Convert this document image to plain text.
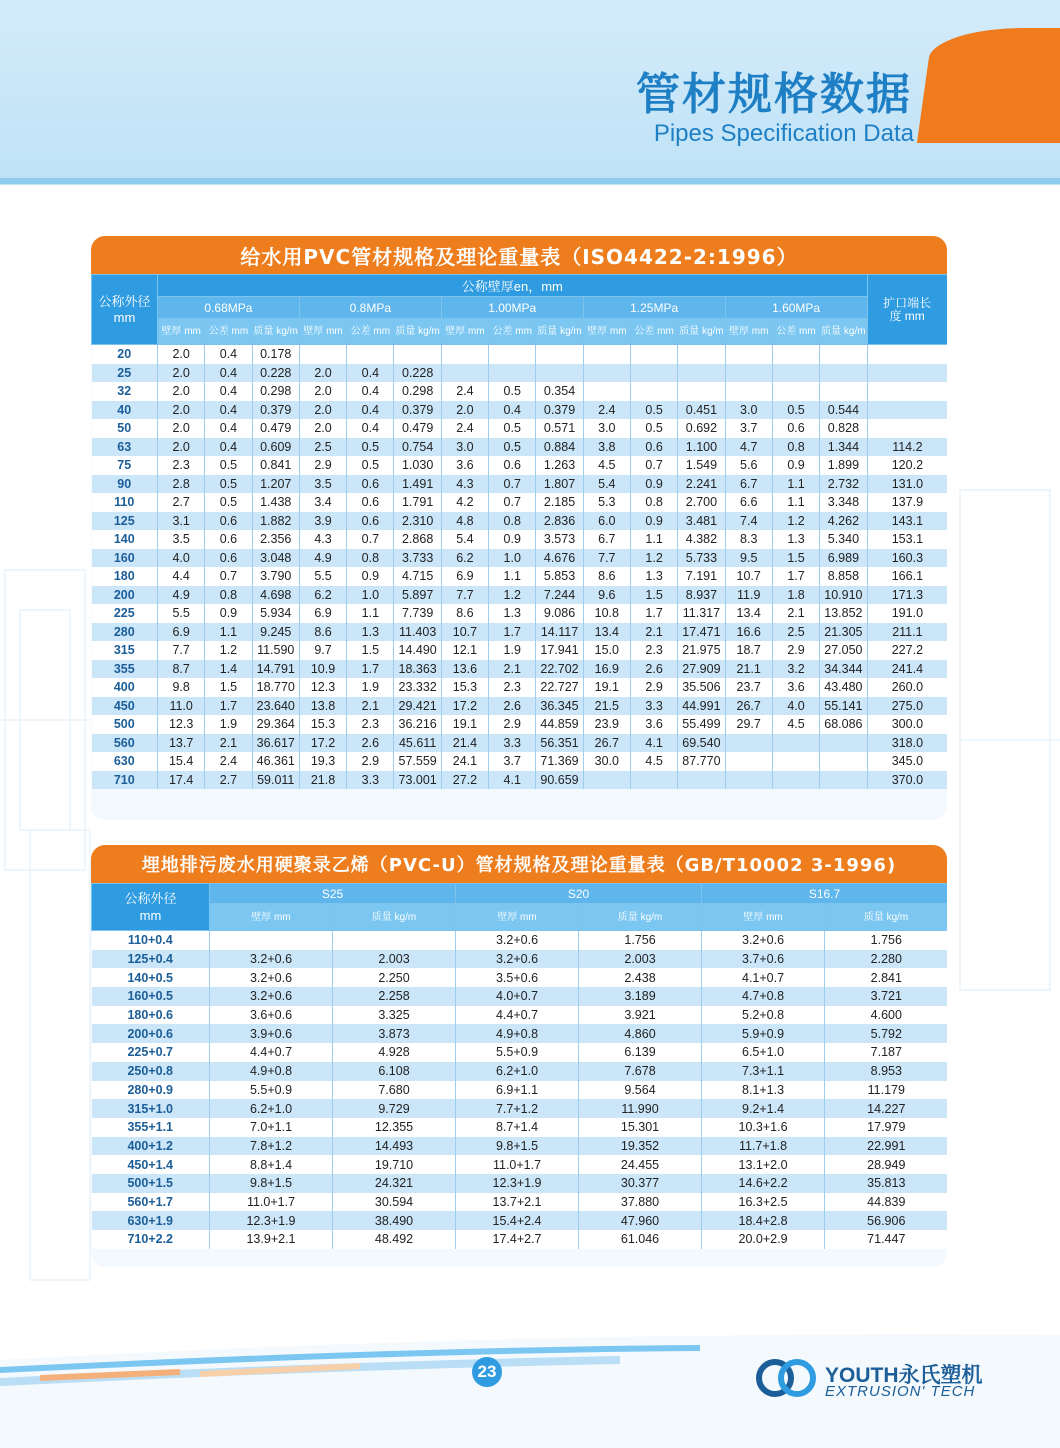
管材规格数据
Pipes Specification Data
给水用PVC管材规格及理论重量表（ISO4422-2:1996）
公称外径 mm	公称壁厚en，mm															扩口端长度 mm
	0.68MPa			0.8MPa			1.00MPa			1.25MPa			1.60MPa			
	壁厚 mm	公差 mm	质量 kg/m	壁厚 mm	公差 mm	质量 kg/m	壁厚 mm	公差 mm	质量 kg/m	壁厚 mm	公差 mm	质量 kg/m	壁厚 mm	公差 mm	质量 kg/m	
20	2.0	0.4	0.178													
25	2.0	0.4	0.228	2.0	0.4	0.228										
32	2.0	0.4	0.298	2.0	0.4	0.298	2.4	0.5	0.354							
40	2.0	0.4	0.379	2.0	0.4	0.379	2.0	0.4	0.379	2.4	0.5	0.451	3.0	0.5	0.544	
50	2.0	0.4	0.479	2.0	0.4	0.479	2.4	0.5	0.571	3.0	0.5	0.692	3.7	0.6	0.828	
63	2.0	0.4	0.609	2.5	0.5	0.754	3.0	0.5	0.884	3.8	0.6	1.100	4.7	0.8	1.344	114.2
75	2.3	0.5	0.841	2.9	0.5	1.030	3.6	0.6	1.263	4.5	0.7	1.549	5.6	0.9	1.899	120.2
90	2.8	0.5	1.207	3.5	0.6	1.491	4.3	0.7	1.807	5.4	0.9	2.241	6.7	1.1	2.732	131.0
110	2.7	0.5	1.438	3.4	0.6	1.791	4.2	0.7	2.185	5.3	0.8	2.700	6.6	1.1	3.348	137.9
125	3.1	0.6	1.882	3.9	0.6	2.310	4.8	0.8	2.836	6.0	0.9	3.481	7.4	1.2	4.262	143.1
140	3.5	0.6	2.356	4.3	0.7	2.868	5.4	0.9	3.573	6.7	1.1	4.382	8.3	1.3	5.340	153.1
160	4.0	0.6	3.048	4.9	0.8	3.733	6.2	1.0	4.676	7.7	1.2	5.733	9.5	1.5	6.989	160.3
180	4.4	0.7	3.790	5.5	0.9	4.715	6.9	1.1	5.853	8.6	1.3	7.191	10.7	1.7	8.858	166.1
200	4.9	0.8	4.698	6.2	1.0	5.897	7.7	1.2	7.244	9.6	1.5	8.937	11.9	1.8	10.910	171.3
225	5.5	0.9	5.934	6.9	1.1	7.739	8.6	1.3	9.086	10.8	1.7	11.317	13.4	2.1	13.852	191.0
280	6.9	1.1	9.245	8.6	1.3	11.403	10.7	1.7	14.117	13.4	2.1	17.471	16.6	2.5	21.305	211.1
315	7.7	1.2	11.590	9.7	1.5	14.490	12.1	1.9	17.941	15.0	2.3	21.975	18.7	2.9	27.050	227.2
355	8.7	1.4	14.791	10.9	1.7	18.363	13.6	2.1	22.702	16.9	2.6	27.909	21.1	3.2	34.344	241.4
400	9.8	1.5	18.770	12.3	1.9	23.332	15.3	2.3	22.727	19.1	2.9	35.506	23.7	3.6	43.480	260.0
450	11.0	1.7	23.640	13.8	2.1	29.421	17.2	2.6	36.345	21.5	3.3	44.991	26.7	4.0	55.141	275.0
500	12.3	1.9	29.364	15.3	2.3	36.216	19.1	2.9	44.859	23.9	3.6	55.499	29.7	4.5	68.086	300.0
560	13.7	2.1	36.617	17.2	2.6	45.611	21.4	3.3	56.351	26.7	4.1	69.540				318.0
630	15.4	2.4	46.361	19.3	2.9	57.559	24.1	3.7	71.369	30.0	4.5	87.770				345.0
710	17.4	2.7	59.011	21.8	3.3	73.001	27.2	4.1	90.659							370.0
埋地排污废水用硬聚录乙烯（PVC-U）管材规格及理论重量表（GB/T10002 3-1996)
公称外径 mm	S25		S20		S16.7	
	壁厚 mm	质量 kg/m	壁厚 mm	质量 kg/m	壁厚 mm	质量 kg/m
110+0.4			3.2+0.6	1.756	3.2+0.6	1.756
125+0.4	3.2+0.6	2.003	3.2+0.6	2.003	3.7+0.6	2.280
140+0.5	3.2+0.6	2.250	3.5+0.6	2.438	4.1+0.7	2.841
160+0.5	3.2+0.6	2.258	4.0+0.7	3.189	4.7+0.8	3.721
180+0.6	3.6+0.6	3.325	4.4+0.7	3.921	5.2+0.8	4.600
200+0.6	3.9+0.6	3.873	4.9+0.8	4.860	5.9+0.9	5.792
225+0.7	4.4+0.7	4.928	5.5+0.9	6.139	6.5+1.0	7.187
250+0.8	4.9+0.8	6.108	6.2+1.0	7.678	7.3+1.1	8.953
280+0.9	5.5+0.9	7.680	6.9+1.1	9.564	8.1+1.3	11.179
315+1.0	6.2+1.0	9.729	7.7+1.2	11.990	9.2+1.4	14.227
355+1.1	7.0+1.1	12.355	8.7+1.4	15.301	10.3+1.6	17.979
400+1.2	7.8+1.2	14.493	9.8+1.5	19.352	11.7+1.8	22.991
450+1.4	8.8+1.4	19.710	11.0+1.7	24.455	13.1+2.0	28.949
500+1.5	9.8+1.5	24.321	12.3+1.9	30.377	14.6+2.2	35.813
560+1.7	11.0+1.7	30.594	13.7+2.1	37.880	16.3+2.5	44.839
630+1.9	12.3+1.9	38.490	15.4+2.4	47.960	18.4+2.8	56.906
710+2.2	13.9+2.1	48.492	17.4+2.7	61.046	20.0+2.9	71.447
23	YOUTH永氏塑机
EXTRUSION' TECH
